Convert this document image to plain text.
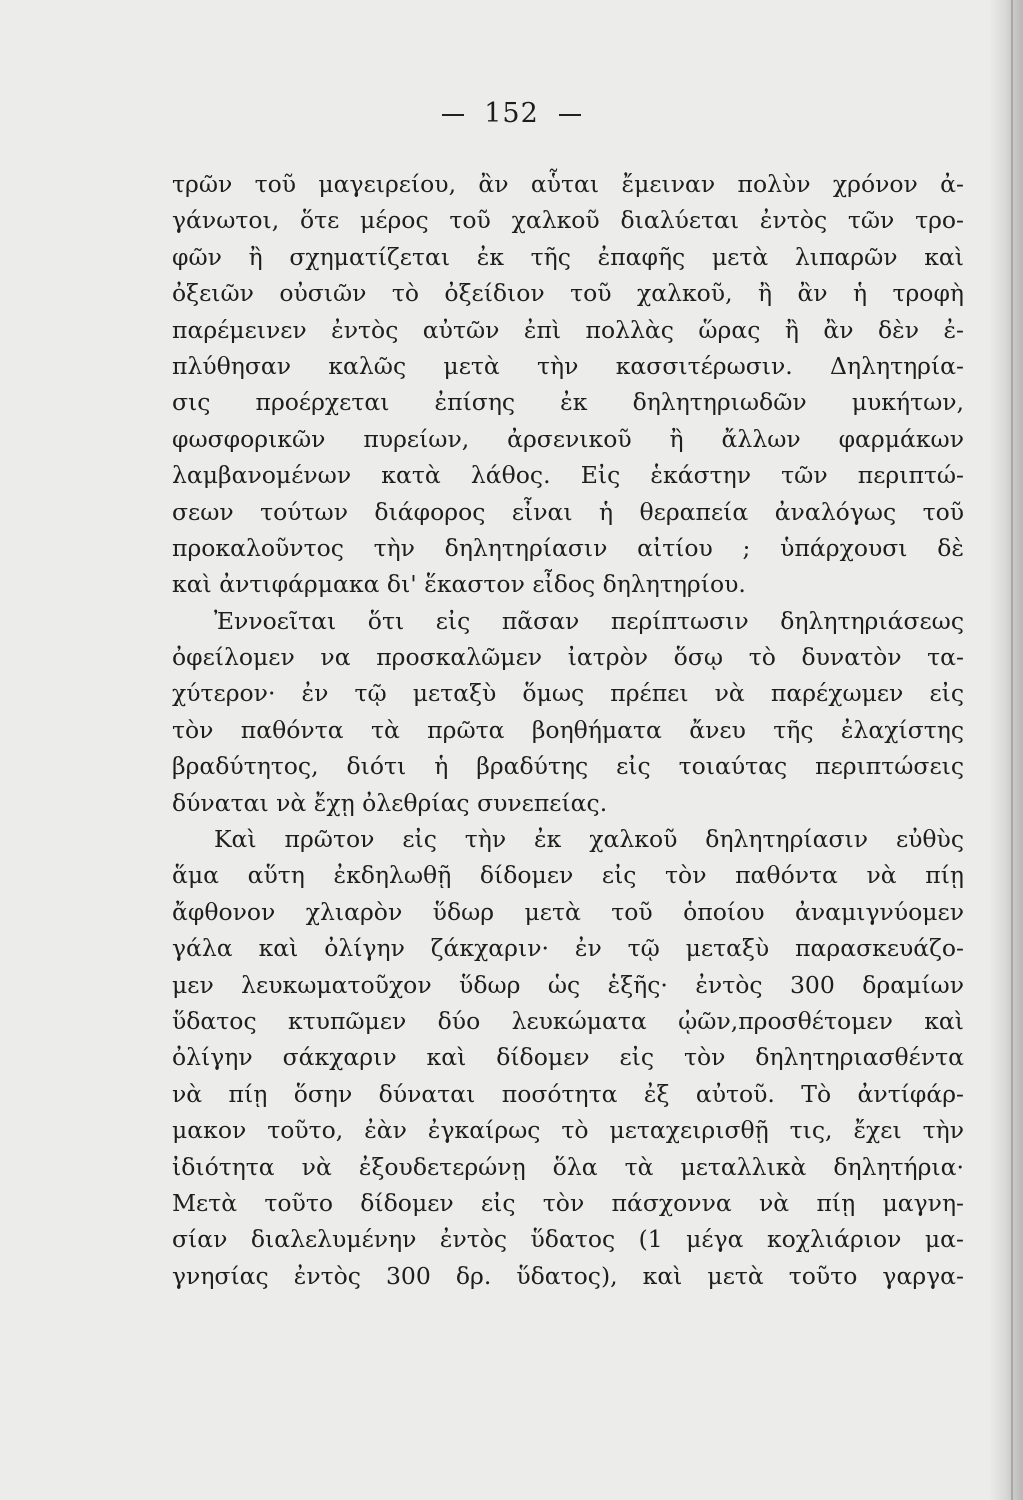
152
τρῶν τοῦ μαγειρείου, ἂν αὗται ἔμειναν πολὺν χρόνον ἀ-
γάνωτοι, ὅτε μέρος τοῦ χαλκοῦ διαλύεται ἐντὸς τῶν τρο-
φῶν ἢ σχηματίζεται ἐκ τῆς ἐπαφῆς μετὰ λιπαρῶν καὶ
ὀξειῶν οὐσιῶν τὸ ὀξείδιον τοῦ χαλκοῦ, ἢ ἂν ἡ τροφὴ
παρέμεινεν ἐντὸς αὐτῶν ἐπὶ πολλὰς ὥρας ἢ ἂν δὲν ἐ-
πλύθησαν καλῶς μετὰ τὴν κασσιτέρωσιν. Δηλητηρία-
σις προέρχεται ἐπίσης ἐκ δηλητηριωδῶν μυκήτων,
φωσφορικῶν πυρείων, ἀρσενικοῦ ἢ ἄλλων φαρμάκων
λαμβανομένων κατὰ λάθος. Εἰς ἑκάστην τῶν περιπτώ-
σεων τούτων διάφορος εἶναι ἡ θεραπεία ἀναλόγως τοῦ
προκαλοῦντος τὴν δηλητηρίασιν αἰτίου ; ὑπάρχουσι δὲ
καὶ ἀντιφάρμακα δι' ἕκαστον εἶδος δηλητηρίου.
Ἐννοεῖται ὅτι εἰς πᾶσαν περίπτωσιν δηλητηριάσεως
ὀφείλομεν να προσκαλῶμεν ἰατρὸν ὅσῳ τὸ δυνατὸν τα-
χύτερον· ἐν τῷ μεταξὺ ὅμως πρέπει νὰ παρέχωμεν εἰς
τὸν παθόντα τὰ πρῶτα βοηθήματα ἄνευ τῆς ἐλαχίστης
βραδύτητος, διότι ἡ βραδύτης εἰς τοιαύτας περιπτώσεις
δύναται νὰ ἔχῃ ὀλεθρίας συνεπείας.
Καὶ πρῶτον εἰς τὴν ἐκ χαλκοῦ δηλητηρίασιν εὐθὺς
ἅμα αὕτη ἐκδηλωθῇ δίδομεν εἰς τὸν παθόντα νὰ πίῃ
ἄφθονον χλιαρὸν ὕδωρ μετὰ τοῦ ὁποίου ἀναμιγνύομεν
γάλα καὶ ὀλίγην ζάκχαριν· ἐν τῷ μεταξὺ παρασκευάζο-
μεν λευκωματοῦχον ὕδωρ ὡς ἑξῆς· ἐντὸς 300 δραμίων
ὕδατος κτυπῶμεν δύο λευκώματα ᾠῶν,προσθέτομεν καὶ
ὀλίγην σάκχαριν καὶ δίδομεν εἰς τὸν δηλητηριασθέντα
νὰ πίῃ ὅσην δύναται ποσότητα ἐξ αὐτοῦ. Τὸ ἀντίφάρ-
μακον τοῦτο, ἐὰν ἐγκαίρως τὸ μεταχειρισθῇ τις, ἔχει τὴν
ἰδιότητα νὰ ἐξουδετερώνῃ ὅλα τὰ μεταλλικὰ δηλητήρια·
Μετὰ τοῦτο δίδομεν εἰς τὸν πάσχοννα νὰ πίῃ μαγνη-
σίαν διαλελυμένην ἐντὸς ὕδατος (1 μέγα κοχλιάριον μα-
γνησίας ἐντὸς 300 δρ. ὕδατος), καὶ μετὰ τοῦτο γαργα-
